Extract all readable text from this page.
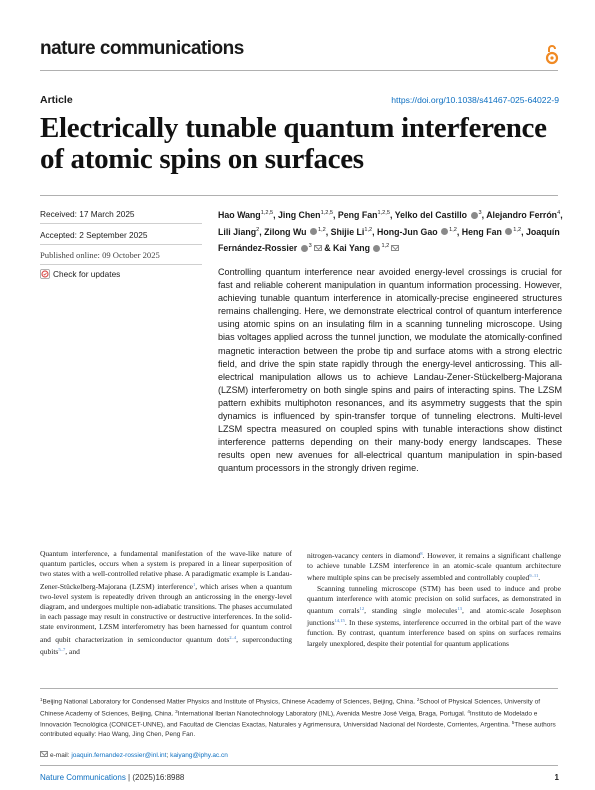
nature communications
Article	https://doi.org/10.1038/s41467-025-64022-9
Electrically tunable quantum interference of atomic spins on surfaces
Received: 17 March 2025
Accepted: 2 September 2025
Published online: 09 October 2025
Check for updates
Hao Wang$^{1,2,5}$, Jing Chen$^{1,2,5}$, Peng Fan$^{1,2,5}$, Yelko del Castillo $^3$, Alejandro Ferrón$^4$, Lili Jiang$^2$, Zilong Wu $^{1,2}$, Shijie Li$^{1,2}$, Hong-Jun Gao $^{1,2}$, Heng Fan $^{1,2}$, Joaquín Fernández-Rossier $^3$ & Kai Yang $^{1,2}$

Controlling quantum interference near avoided energy-level crossings is crucial for fast and reliable coherent manipulation in quantum information processing. However, achieving tunable quantum interference in atomically-precise engineered structures remains challenging. Here, we demonstrate electrical control of quantum interference using atomic spins on an insulating film in a scanning tunneling microscope. Using bias voltages applied across the tunnel junction, we modulate the atomically-confined magnetic interaction between the probe tip and surface atoms with a strong electric field, and drive the spin state rapidly through the energy-level anticrossing. This all-electrical manipulation allows us to achieve Landau-Zener-Stückelberg-Majorana (LZSM) interferometry on both single spins and pairs of interacting spins. The LZSM pattern exhibits multiphoton resonances, and its asymmetry suggests that the spin dynamics is influenced by spin-transfer torque of tunneling electrons. Multi-level LZSM spectra measured on coupled spins with tunable interactions show distinct interference patterns depending on their many-body energy landscapes. These results open new avenues for all-electrical quantum manipulation in spin-based quantum processors in the strongly driven regime.

Quantum interference, a fundamental manifestation of the wave-like nature of quantum particles, occurs when a system is prepared in a linear superposition of two states with a well-controlled relative phase. A paradigmatic example is Landau-Zener-Stückelberg-Majorana (LZSM) interference$^1$, which arises when a quantum two-level system is repeatedly driven through an anticrossing in the energy-level diagram, and undergoes multiple non-adiabatic transitions. The phases accumulated in each passage may result in constructive or destructive interferences. In the solid-state environment, LZSM interferometry has been harnessed for quantum control and qubit characterization in semiconductor quantum dots$^{2-4}$, superconducting qubits$^{5-7}$, and

nitrogen-vacancy centers in diamond$^8$. However, it remains a significant challenge to achieve tunable LZSM interference in an atomic-scale quantum architecture where multiple spins can be precisely assembled and controllably coupled$^{9-11}$.

Scanning tunneling microscope (STM) has been used to induce and probe quantum interference with atomic precision on solid surfaces, as demonstrated in quantum corrals$^{12}$, standing single molecules$^{13}$, and atomic-scale Josephson junctions$^{14,15}$. In these systems, interference occurred in the orbital part of the wave function. By contrast, quantum interference based on spins on surfaces remains largely unexplored, despite their potential for quantum applications

$^1$Beijing National Laboratory for Condensed Matter Physics and Institute of Physics, Chinese Academy of Sciences, Beijing, China. $^2$School of Physical Sciences, University of Chinese Academy of Sciences, Beijing, China. $^3$International Iberian Nanotechnology Laboratory (INL), Avenida Mestre José Veiga, Braga, Portugal. $^4$Instituto de Modelado e Innovación Tecnológica (CONICET-UNNE), and Facultad de Ciencias Exactas, Naturales y Agrimensura, Universidad Nacional del Nordeste, Corrientes, Argentina. $^5$These authors contributed equally: Hao Wang, Jing Chen, Peng Fan.
e-mail: joaquin.fernandez-rossier@inl.int; kaiyang@iphy.ac.cn
Nature Communications | (2025)16:8988	1
